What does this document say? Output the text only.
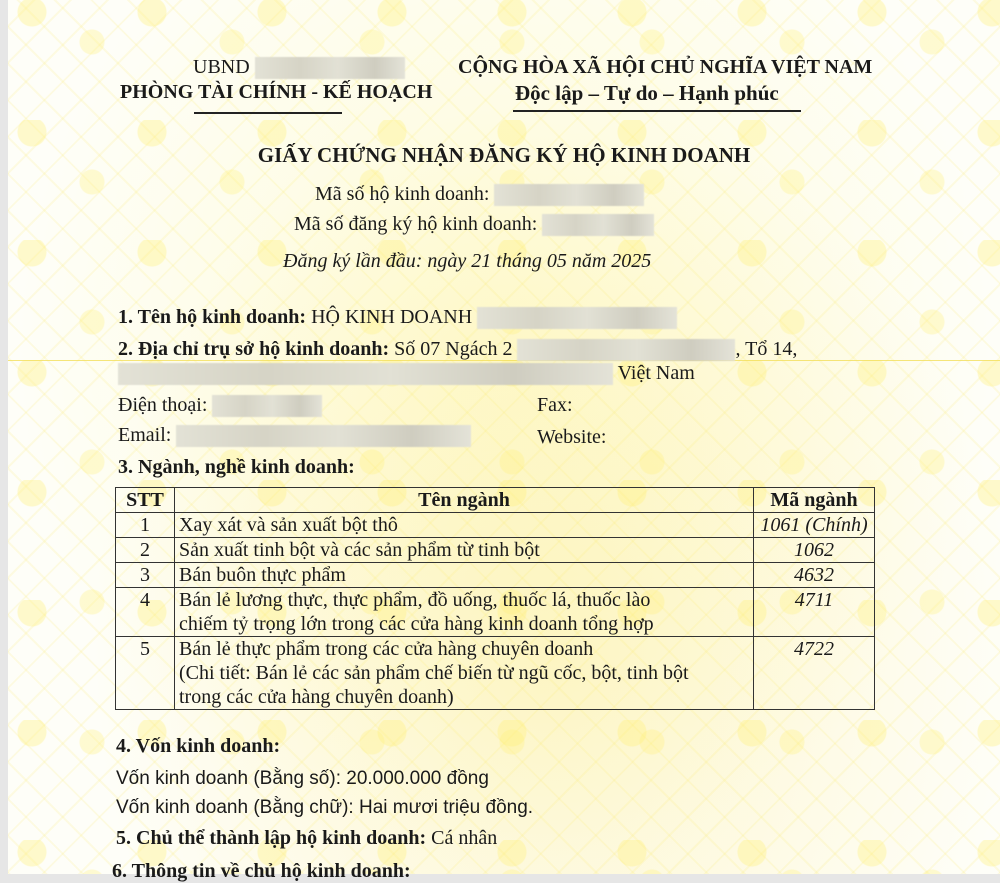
UBND
PHÒNG TÀI CHÍNH - KẾ HOẠCH
CỘNG HÒA XÃ HỘI CHỦ NGHĨA VIỆT NAM
Độc lập – Tự do – Hạnh phúc
GIẤY CHỨNG NHẬN ĐĂNG KÝ HỘ KINH DOANH
Mã số hộ kinh doanh:
Mã số đăng ký hộ kinh doanh:
Đăng ký lần đầu: ngày 21 tháng 05 năm 2025
1. Tên hộ kinh doanh: HỘ KINH DOANH
2. Địa chỉ trụ sở hộ kinh doanh: Số 07 Ngách 2	, Tổ 14,
Việt Nam
Điện thoại:	Fax:
Email:	Website:
3. Ngành, nghề kinh doanh:
STT	Tên ngành	Mã ngành
1	Xay xát và sản xuất bột thô	1061 (Chính)
2	Sản xuất tinh bột và các sản phẩm từ tinh bột	1062
3	Bán buôn thực phẩm	4632
4	Bán lẻ lương thực, thực phẩm, đồ uống, thuốc lá, thuốc lào
chiếm tỷ trọng lớn trong các cửa hàng kinh doanh tổng hợp	4711
5	Bán lẻ thực phẩm trong các cửa hàng chuyên doanh
(Chi tiết: Bán lẻ các sản phẩm chế biến từ ngũ cốc, bột, tinh bột
trong các cửa hàng chuyên doanh)	4722
4. Vốn kinh doanh:
Vốn kinh doanh (Bằng số): 20.000.000 đồng
Vốn kinh doanh (Bằng chữ): Hai mươi triệu đồng.
5. Chủ thể thành lập hộ kinh doanh: Cá nhân
6. Thông tin về chủ hộ kinh doanh:
